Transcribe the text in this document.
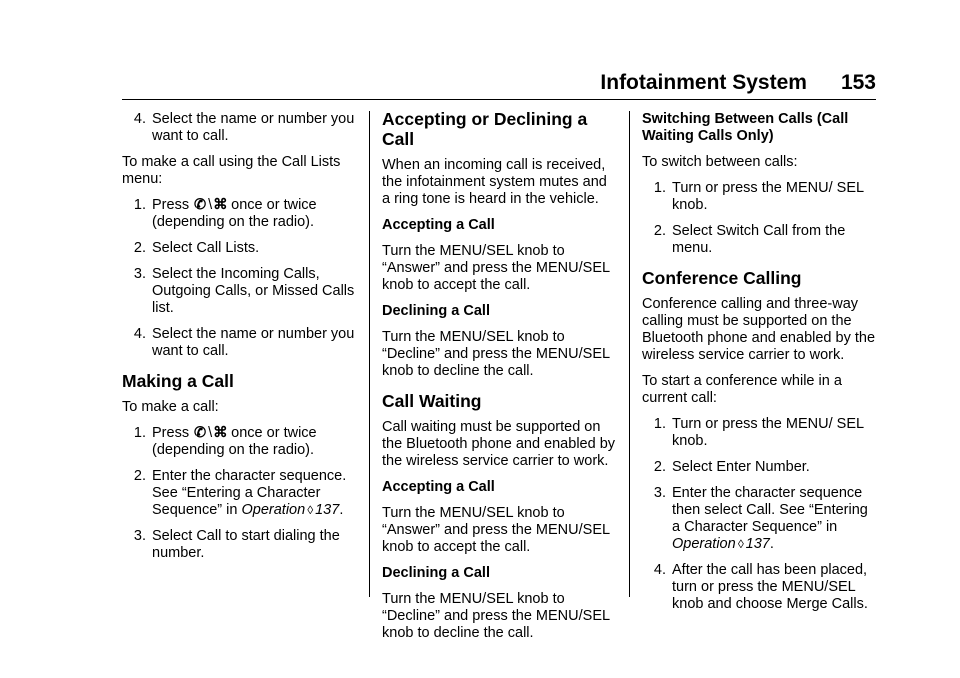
Infotainment System 153
4. Select the name or number you want to call.

To make a call using the Call Lists menu:

1. Press ✆ \⌘ once or twice (depending on the radio).
2. Select Call Lists.
3. Select the Incoming Calls, Outgoing Calls, or Missed Calls list.
4. Select the name or number you want to call.
Making a Call

To make a call:

1. Press ✆ \⌘ once or twice (depending on the radio).
2. Enter the character sequence. See “Entering a Character Sequence” in Operation ◊ 137.
3. Select Call to start dialing the number.
Accepting or Declining a Call

When an incoming call is received, the infotainment system mutes and a ring tone is heard in the vehicle.

Accepting a Call

Turn the MENU/SEL knob to “Answer” and press the MENU/SEL knob to accept the call.

Declining a Call

Turn the MENU/SEL knob to “Decline” and press the MENU/SEL knob to decline the call.

Call Waiting

Call waiting must be supported on the Bluetooth phone and enabled by the wireless service carrier to work.

Accepting a Call

Turn the MENU/SEL knob to “Answer” and press the MENU/SEL knob to accept the call.

Declining a Call

Turn the MENU/SEL knob to “Decline” and press the MENU/SEL knob to decline the call.

Switching Between Calls (Call Waiting Calls Only)

To switch between calls:

1. Turn or press the MENU/ SEL knob.
2. Select Switch Call from the menu.
Conference Calling

Conference calling and three-way calling must be supported on the Bluetooth phone and enabled by the wireless service carrier to work.

To start a conference while in a current call:

1. Turn or press the MENU/ SEL knob.
2. Select Enter Number.
3. Enter the character sequence then select Call. See “Entering a Character Sequence” in Operation ◊ 137.
4. After the call has been placed, turn or press the MENU/SEL knob and choose Merge Calls.
